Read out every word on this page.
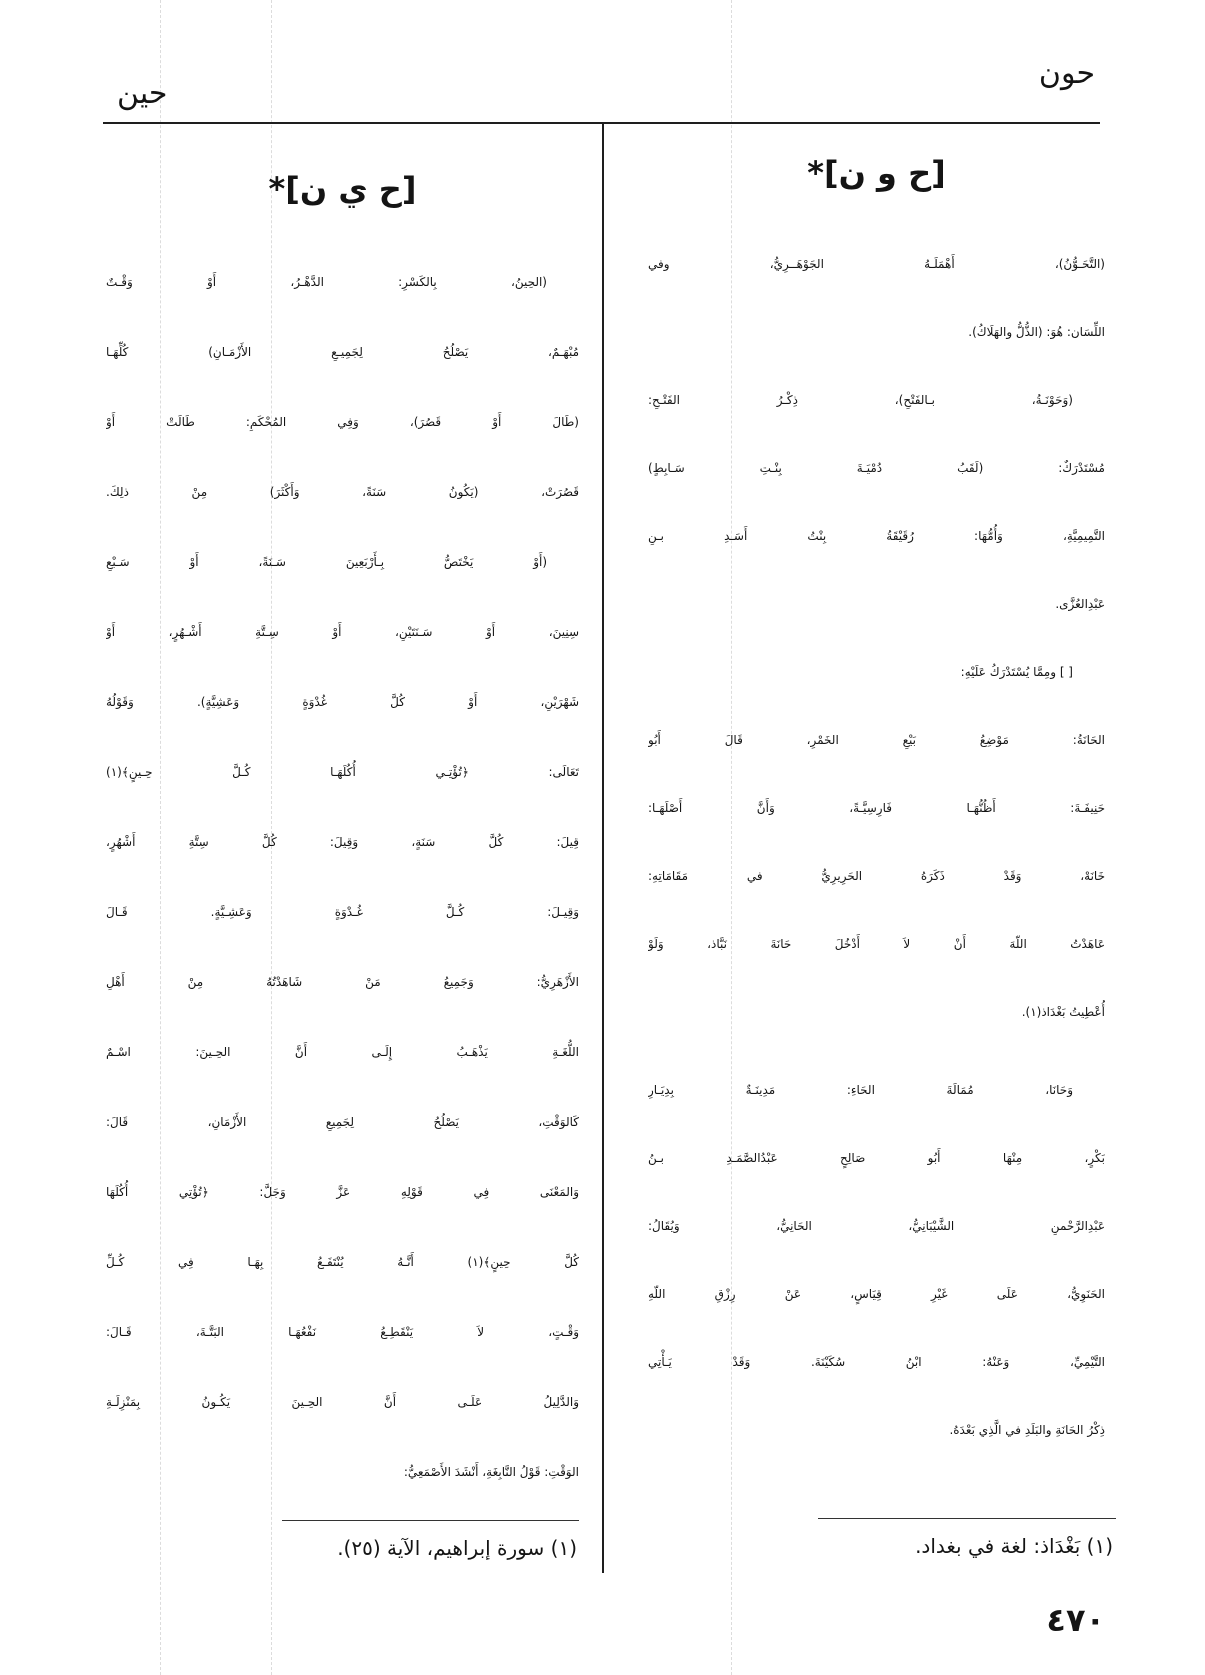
حون
حين
[ح و ن]*
(التَّحَـوُّنُ)، أَهْمَلَـهُ الجَوْهَــرِيُّ، وفي
اللِّسَان: هُوَ: (الذُّلُّ والهَلَاكُ).
(وَحَوْنَـةُ، بـالفَتْحِ)، ذِكْـرُ الفَتْـحِ:
مُسْتَدْرَكٌ: (لَقَبُ دُمْيَـةَ بِنْـتِ سَـابِطٍ)
التَّمِيمِيَّةِ، وَأُمُّهَا: رُقَيْقَةُ بِنْتُ أَسَـدِ بـنِ
عَبْدِالعُزَّى.
[ ] ومِمَّا يُسْتَدْرَكُ عَلَيْهِ:
الحَانَةُ: مَوْضِعُ بَيْعِ الخَمْرِ، قَالَ أَبُو
حَنِيفَـةَ: أَظُنُّهَـا فَارِسِيَّـةً، وَأَنَّ أَصْلَهَـا:
خَانَهْ، وَقَدْ ذَكَرَهُ الحَرِيرِيُّ في مَقَامَاتِهِ:
عَاهَدْتُ اللّهَ أَنْ لاَ أَدْخُلَ حَانَةَ نَبَّاذ، وَلَوْ
أُعْطِيتُ بَغْدَاذ(١).
وَحَانَا، مُمَالَةَ الحَاءِ: مَدِينَـةٌ بِدِيَـارِ
بَكْرٍ، مِنْهَا أَبُو صَالِحٍ عَبْدُالصَّمَـدِ بـنُ
عَبْدِالرَّحْمنِ الشَّيْبَانِيُّ، الحَانِيُّ، وَيُقَالُ:
الحَنَوِيُّ، عَلَى غَيْرِ قِيَاسٍ، عَنْ رِزْقِ اللّهِ
التَّيْمِيِّ، وَعَنْهُ: ابْنُ سُكَيْنَةَ. وَقَدْ يَـأْتِي
ذِكْرُ الحَانَةِ والبَلَدِ في الَّذِي بَعْدَهُ.
[ح ي ن]*
(الحِينُ، بِالكَسْرِ: الدَّهْـرُ، أَوْ وَقْـتٌ
مُبْهَـمٌ، يَصْلُحُ لِجَمِيـعِ الأَزْمَـانِ) كُلِّهَـا
(طَالَ أَوْ قَصُرَ)، وَفِي المُحْكَمِ: طَالَتْ أَوْ
قَصُرَتْ، (يَكُونُ سَنَةً، وَأَكْثَرَ) مِنْ ذلِكَ.
(أَوْ يَخْتَصُّ بِـأَرْبَعِينَ سَـنَةً، أَوْ سَـبْعِ
سِنِينَ، أَوْ سَـنَتَيْنِ، أَوْ سِـتَّةِ أَشْـهُرٍ، أَوْ
شَهْرَيْنِ، أَوْ كُلَّ غُدْوَةٍ وَعَشِيَّةٍ). وَقَوْلُهُ
تَعَالَى: ﴿تُؤْتِـي أُكُلَهَـا كُـلَّ حِـينٍ﴾(١)
قِيلَ: كُلَّ سَنَةٍ، وَقِيلَ: كُلَّ سِتَّةِ أَشْهُرٍ،
وَقِيـلَ: كُـلَّ غُـدْوَةٍ وَعَشِـيَّةٍ. قَـالَ
الأَزْهَرِيُّ: وَجَمِيعُ مَنْ شَاهَدْتُهُ مِنْ أَهْلِ
اللُّغَـةِ يَذْهَـبُ إِلَـى أَنَّ الحِـينَ: اسْـمٌ
كَالوَقْتِ، يَصْلُحُ لِجَمِيعِ الأَزْمَانِ، قَالَ:
وَالمَعْنَى فِي قَوْلِهِ عَزَّ وَجَلَّ: ﴿تُؤْتِي أُكُلَهَا
كُلَّ حِينٍ﴾(١) أَنَّـهُ يُنْتَفَـعُ بِهَـا فِي كُـلِّ
وَقْـتٍ، لاَ يَنْقَطِـعُ نَفْعُهَـا البَتَّـةَ، قَـالَ:
وَالدَّلِيلُ عَلَـى أَنَّ الحِـينَ يَكُـونُ بِمَنْزِلَـةِ
الوَقْتِ: قَوْلُ النَّابِغَةِ، أَنْشَدَ الأَصْمَعِيُّ:
(١) بَغْدَاذ: لغة في بغداد.
(١) سورة إبراهيم، الآية (٢٥).
٤٧٠
